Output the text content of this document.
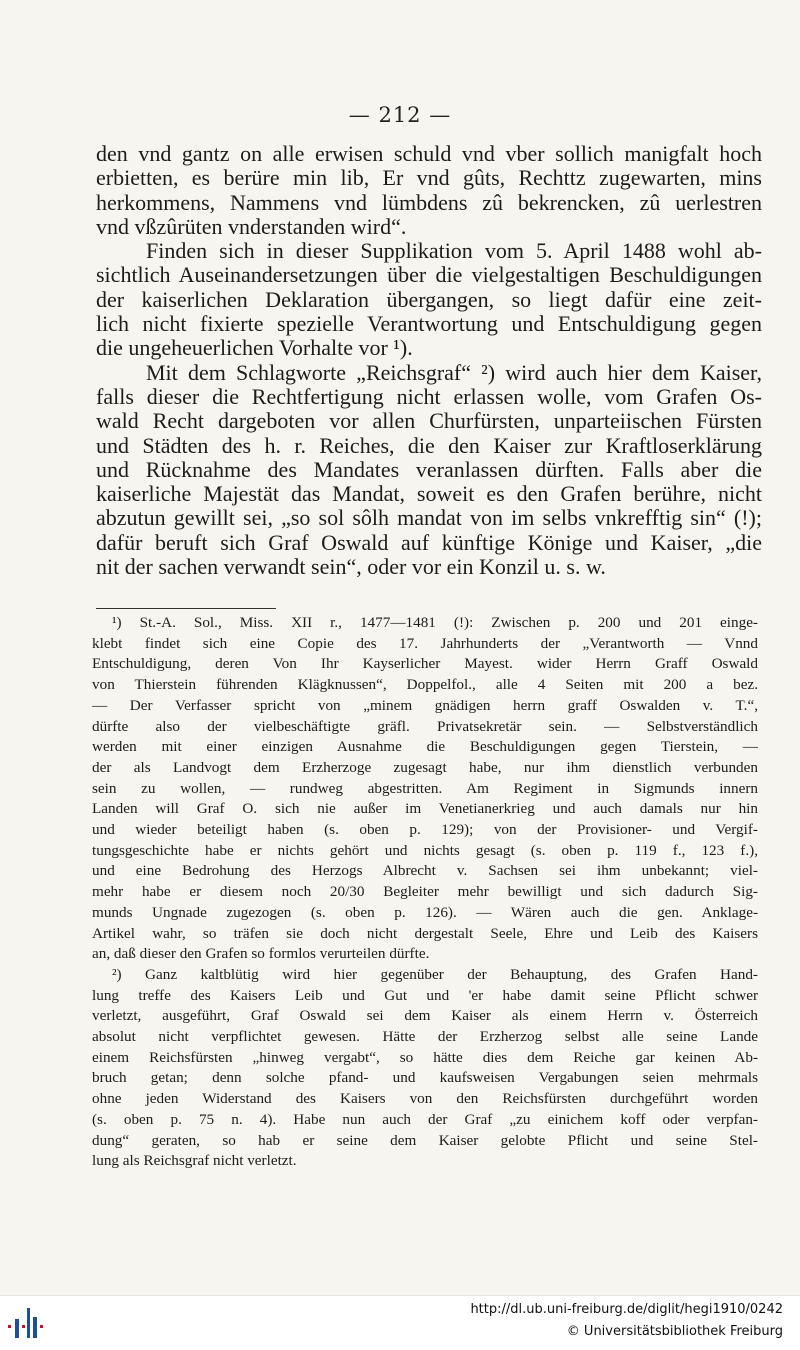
— 212 —

den vnd gantz on alle erwisen schuld vnd vber sollich manigfalt hoch
erbietten, es berüre min lib, Er vnd gûts, Rechttz zugewarten, mins
herkommens, Nammens vnd lümbdens zû bekrencken, zû uerlestren
vnd vßzûrüten vnderstanden wird“.

Finden sich in dieser Supplikation vom 5. April 1488 wohl ab-
sichtlich Auseinandersetzungen über die vielgestaltigen Beschuldigungen
der kaiserlichen Deklaration übergangen, so liegt dafür eine zeit-
lich nicht fixierte spezielle Verantwortung und Entschuldigung gegen
die ungeheuerlichen Vorhalte vor ¹).

Mit dem Schlagworte „Reichsgraf“ ²) wird auch hier dem Kaiser,
falls dieser die Rechtfertigung nicht erlassen wolle, vom Grafen Os-
wald Recht dargeboten vor allen Churfürsten, unparteiischen Fürsten
und Städten des h. r. Reiches, die den Kaiser zur Kraftloserklärung
und Rücknahme des Mandates veranlassen dürften. Falls aber die
kaiserliche Majestät das Mandat, soweit es den Grafen berühre, nicht
abzutun gewillt sei, „so sol sôlh mandat von im selbs vnkrefftig sin“ (!);
dafür beruft sich Graf Oswald auf künftige Könige und Kaiser, „die
nit der sachen verwandt sein“, oder vor ein Konzil u. s. w.

¹) St.-A. Sol., Miss. XII r., 1477—1481 (!): Zwischen p. 200 und 201 einge-
klebt findet sich eine Copie des 17. Jahrhunderts der „Verantworth — Vnnd
Entschuldigung, deren Von Ihr Kayserlicher Mayest. wider Herrn Graff Oswald
von Thierstein führenden Klägknussen“, Doppelfol., alle 4 Seiten mit 200 a bez.
— Der Verfasser spricht von „minem gnädigen herrn graff Oswalden v. T.“,
dürfte also der vielbeschäftigte gräfl. Privatsekretär sein. — Selbstverständlich
werden mit einer einzigen Ausnahme die Beschuldigungen gegen Tierstein, —
der als Landvogt dem Erzherzoge zugesagt habe, nur ihm dienstlich verbunden
sein zu wollen, — rundweg abgestritten. Am Regiment in Sigmunds innern
Landen will Graf O. sich nie außer im Venetianerkrieg und auch damals nur hin
und wieder beteiligt haben (s. oben p. 129); von der Provisioner- und Vergif-
tungsgeschichte habe er nichts gehört und nichts gesagt (s. oben p. 119 f., 123 f.),
und eine Bedrohung des Herzogs Albrecht v. Sachsen sei ihm unbekannt; viel-
mehr habe er diesem noch 20/30 Begleiter mehr bewilligt und sich dadurch Sig-
munds Ungnade zugezogen (s. oben p. 126). — Wären auch die gen. Anklage-
Artikel wahr, so träfen sie doch nicht dergestalt Seele, Ehre und Leib des Kaisers
an, daß dieser den Grafen so formlos verurteilen dürfte.

²) Ganz kaltblütig wird hier gegenüber der Behauptung, des Grafen Hand-
lung treffe des Kaisers Leib und Gut und 'er habe damit seine Pflicht schwer
verletzt, ausgeführt, Graf Oswald sei dem Kaiser als einem Herrn v. Österreich
absolut nicht verpflichtet gewesen. Hätte der Erzherzog selbst alle seine Lande
einem Reichsfürsten „hinweg vergabt“, so hätte dies dem Reiche gar keinen Ab-
bruch getan; denn solche pfand- und kaufsweisen Vergabungen seien mehrmals
ohne jeden Widerstand des Kaisers von den Reichsfürsten durchgeführt worden
(s. oben p. 75 n. 4). Habe nun auch der Graf „zu einichem koff oder verpfan-
dung“ geraten, so hab er seine dem Kaiser gelobte Pflicht und seine Stel-
lung als Reichsgraf nicht verletzt.

http://dl.ub.uni-freiburg.de/diglit/hegi1910/0242
© Universitätsbibliothek Freiburg
